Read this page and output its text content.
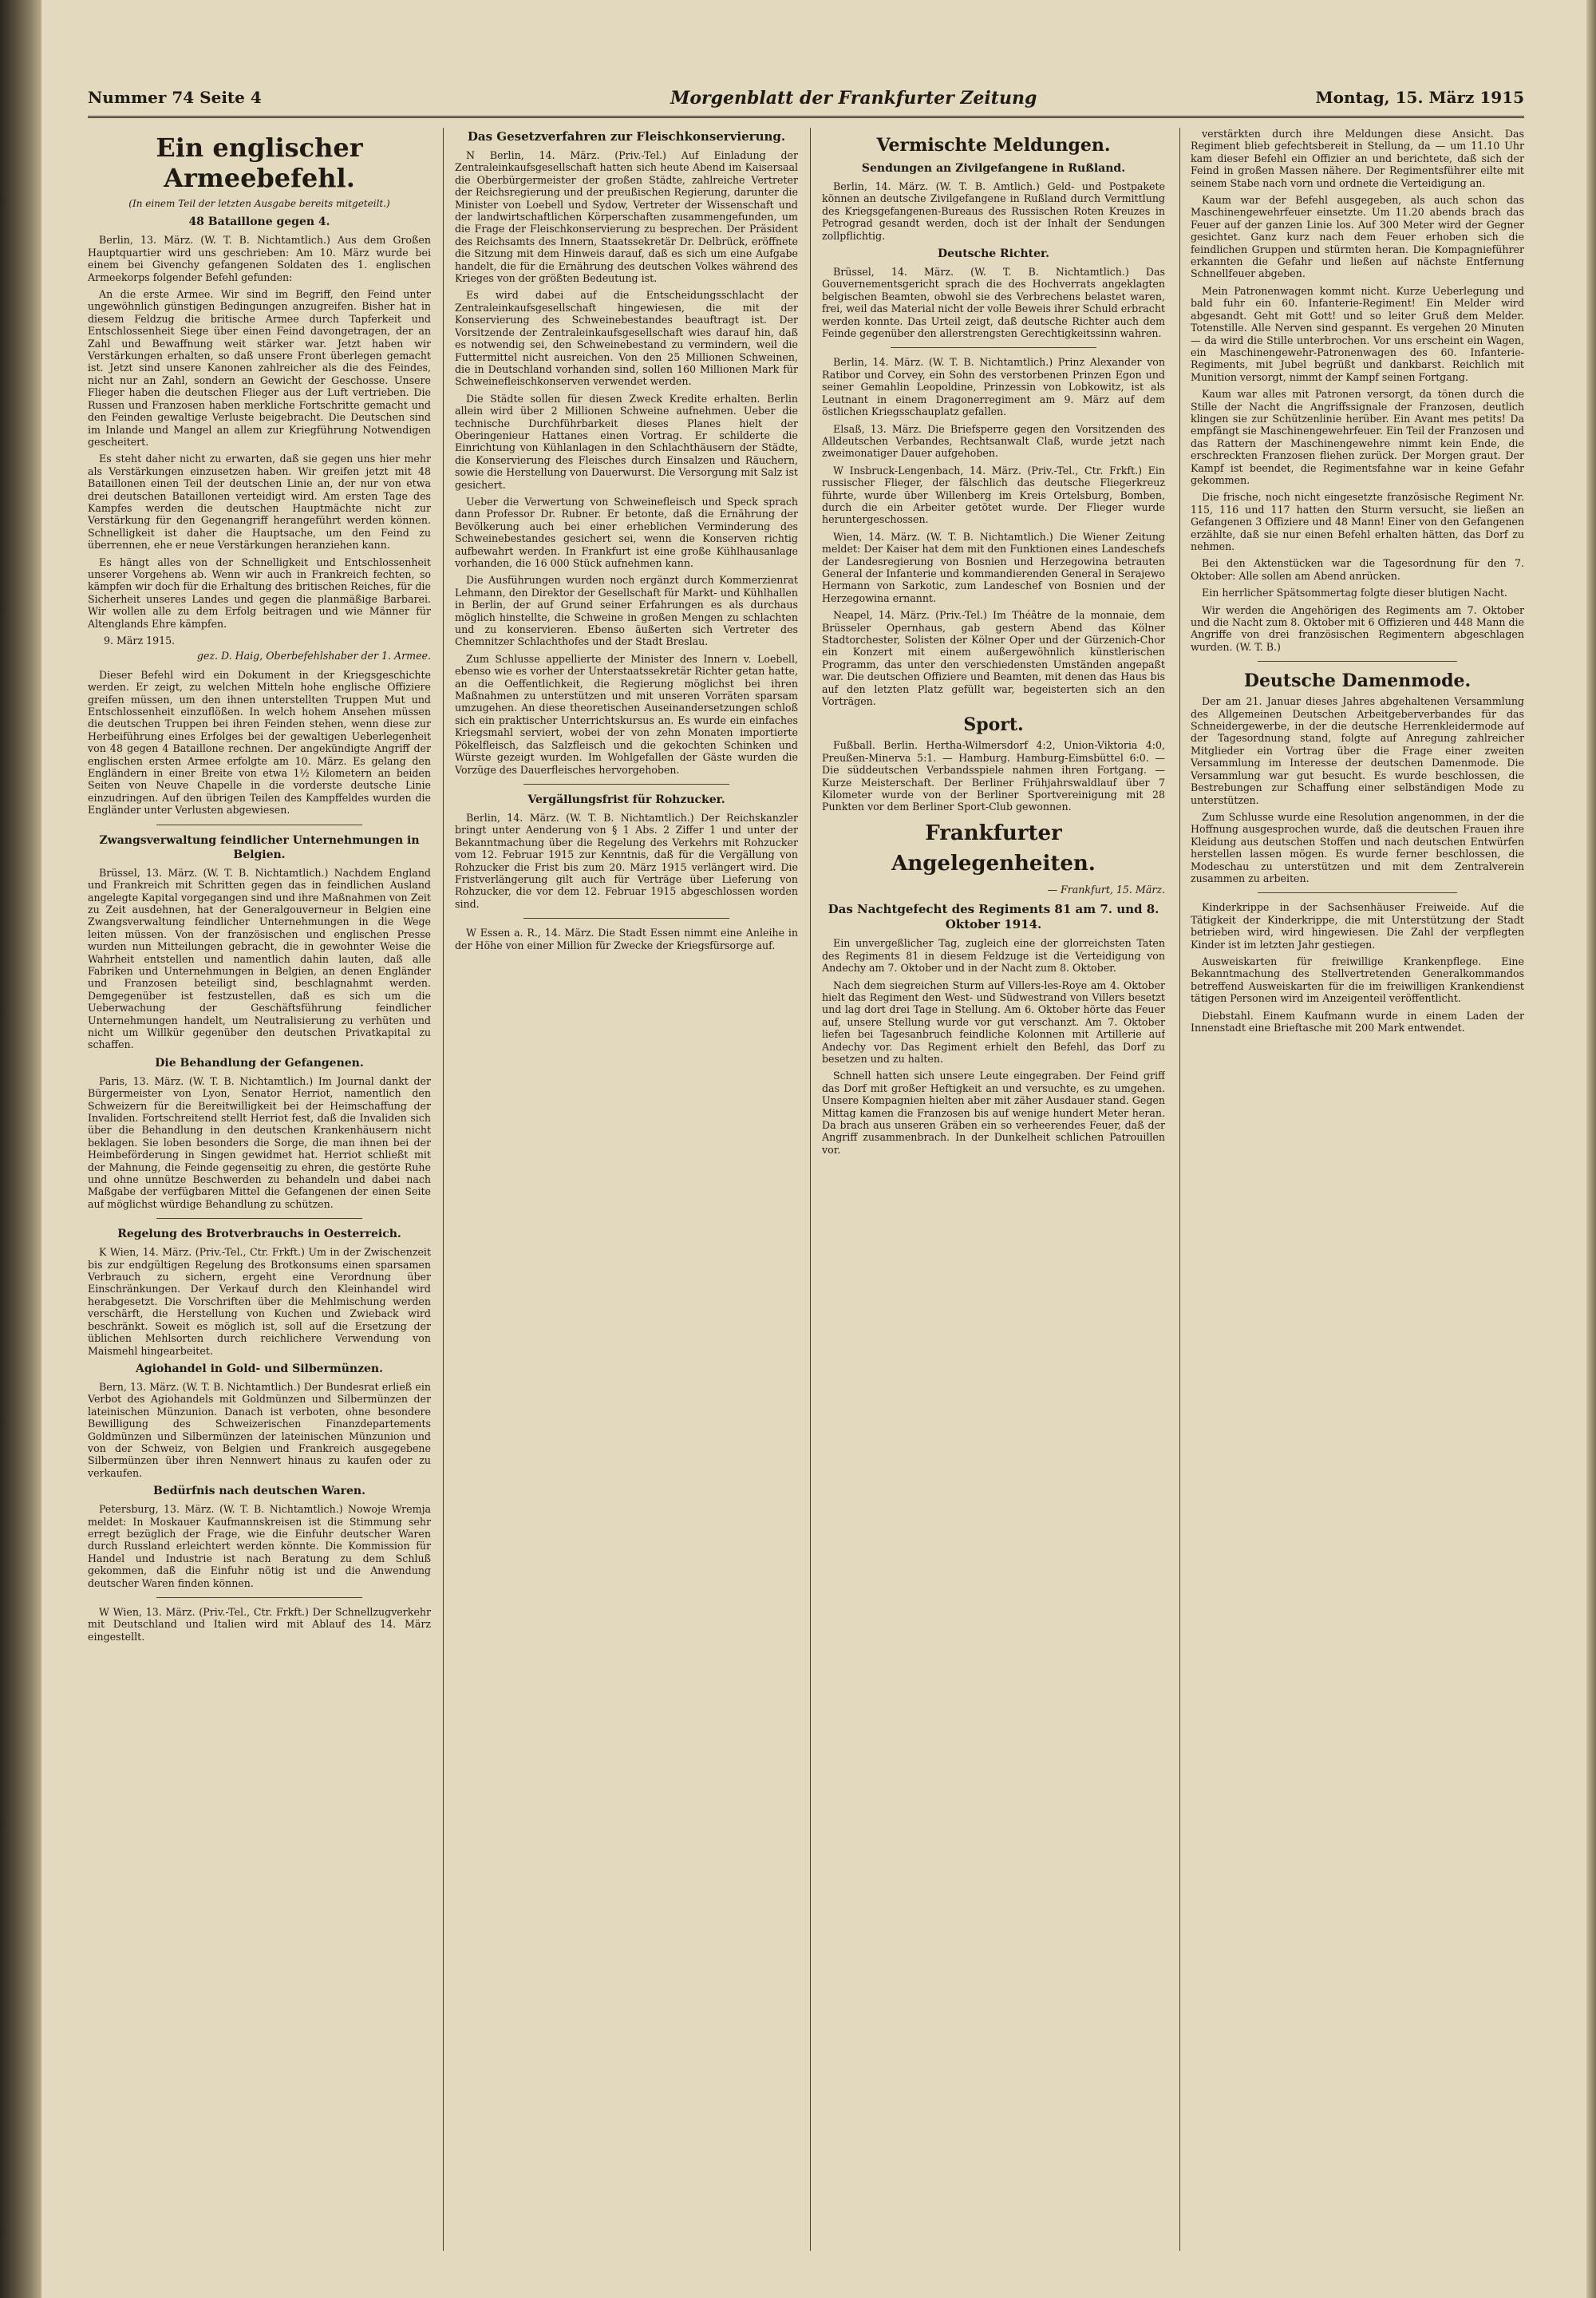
Nummer 74 Seite 4	Morgenblatt der Frankfurter Zeitung	Montag, 15. März 1915
Ein englischer Armeebefehl.
(In einem Teil der letzten Ausgabe bereits mitgeteilt.)
48 Bataillone gegen 4.

Berlin, 13. März. (W. T. B. Nichtamtlich.) Aus dem Großen Hauptquartier wird uns geschrieben: Am 10. März wurde bei einem bei Givenchy gefangenen Soldaten des 1. englischen Armeekorps folgender Befehl gefunden:

An die erste Armee. Wir sind im Begriff, den Feind unter ungewöhnlich günstigen Bedingungen anzugreifen. Bisher hat in diesem Feldzug die britische Armee durch Tapferkeit und Entschlossenheit Siege über einen Feind davongetragen, der an Zahl und Bewaffnung weit stärker war. Jetzt haben wir Verstärkungen erhalten, so daß unsere Front überlegen gemacht ist. Jetzt sind unsere Kanonen zahlreicher als die des Feindes, nicht nur an Zahl, sondern an Gewicht der Geschosse. Unsere Flieger haben die deutschen Flieger aus der Luft vertrieben. Die Russen und Franzosen haben merkliche Fortschritte gemacht und den Feinden gewaltige Verluste beigebracht. Die Deutschen sind im Inlande und Mangel an allem zur Kriegführung Notwendigen gescheitert.

Es steht daher nicht zu erwarten, daß sie gegen uns hier mehr als Verstärkungen einzusetzen haben. Wir greifen jetzt mit 48 Bataillonen einen Teil der deutschen Linie an, der nur von etwa drei deutschen Bataillonen verteidigt wird. Am ersten Tage des Kampfes werden die deutschen Hauptmächte nicht zur Verstärkung für den Gegenangriff herangeführt werden können. Schnelligkeit ist daher die Hauptsache, um den Feind zu überrennen, ehe er neue Verstärkungen heranziehen kann.

Es hängt alles von der Schnelligkeit und Entschlossenheit unserer Vorgehens ab. Wenn wir auch in Frankreich fechten, so kämpfen wir doch für die Erhaltung des britischen Reiches, für die Sicherheit unseres Landes und gegen die planmäßige Barbarei. Wir wollen alle zu dem Erfolg beitragen und wie Männer für Altenglands Ehre kämpfen.

9. März 1915.

gez. D. Haig, Oberbefehlshaber der 1. Armee.

Dieser Befehl wird ein Dokument in der Kriegsgeschichte werden. Er zeigt, zu welchen Mitteln hohe englische Offiziere greifen müssen, um den ihnen unterstellten Truppen Mut und Entschlossenheit einzuflößen. In welch hohem Ansehen müssen die deutschen Truppen bei ihren Feinden stehen, wenn diese zur Herbeiführung eines Erfolges bei der gewaltigen Ueberlegenheit von 48 gegen 4 Bataillone rechnen. Der angekündigte Angriff der englischen ersten Armee erfolgte am 10. März. Es gelang den Engländern in einer Breite von etwa 1½ Kilometern an beiden Seiten von Neuve Chapelle in die vorderste deutsche Linie einzudringen. Auf den übrigen Teilen des Kampffeldes wurden die Engländer unter Verlusten abgewiesen.

Zwangsverwaltung feindlicher Unternehmungen in Belgien.

Brüssel, 13. März. (W. T. B. Nichtamtlich.) Nachdem England und Frankreich mit Schritten gegen das in feindlichen Ausland angelegte Kapital vorgegangen sind und ihre Maßnahmen von Zeit zu Zeit ausdehnen, hat der Generalgouverneur in Belgien eine Zwangsverwaltung feindlicher Unternehmungen in die Wege leiten müssen. Von der französischen und englischen Presse wurden nun Mitteilungen gebracht, die in gewohnter Weise die Wahrheit entstellen und namentlich dahin lauten, daß alle Fabriken und Unternehmungen in Belgien, an denen Engländer und Franzosen beteiligt sind, beschlagnahmt werden. Demgegenüber ist festzustellen, daß es sich um die Ueberwachung der Geschäftsführung feindlicher Unternehmungen handelt, um Neutralisierung zu verhüten und nicht um Willkür gegenüber den deutschen Privatkapital zu schaffen.

Die Behandlung der Gefangenen.

Paris, 13. März. (W. T. B. Nichtamtlich.) Im Journal dankt der Bürgermeister von Lyon, Senator Herriot, namentlich den Schweizern für die Bereitwilligkeit bei der Heimschaffung der Invaliden. Fortschreitend stellt Herriot fest, daß die Invaliden sich über die Behandlung in den deutschen Krankenhäusern nicht beklagen. Sie loben besonders die Sorge, die man ihnen bei der Heimbeförderung in Singen gewidmet hat. Herriot schließt mit der Mahnung, die Feinde gegenseitig zu ehren, die gestörte Ruhe und ohne unnütze Beschwerden zu behandeln und dabei nach Maßgabe der verfügbaren Mittel die Gefangenen der einen Seite auf möglichst würdige Behandlung zu schützen.

Regelung des Brotverbrauchs in Oesterreich.

K Wien, 14. März. (Priv.-Tel., Ctr. Frkft.) Um in der Zwischenzeit bis zur endgültigen Regelung des Brotkonsums einen sparsamen Verbrauch zu sichern, ergeht eine Verordnung über Einschränkungen. Der Verkauf durch den Kleinhandel wird herabgesetzt. Die Vorschriften über die Mehlmischung werden verschärft, die Herstellung von Kuchen und Zwieback wird beschränkt. Soweit es möglich ist, soll auf die Ersetzung der üblichen Mehlsorten durch reichlichere Verwendung von Maismehl hingearbeitet.

Agiohandel in Gold- und Silbermünzen.

Bern, 13. März. (W. T. B. Nichtamtlich.) Der Bundesrat erließ ein Verbot des Agiohandels mit Goldmünzen und Silbermünzen der lateinischen Münzunion. Danach ist verboten, ohne besondere Bewilligung des Schweizerischen Finanzdepartements Goldmünzen und Silbermünzen der lateinischen Münzunion und von der Schweiz, von Belgien und Frankreich ausgegebene Silbermünzen über ihren Nennwert hinaus zu kaufen oder zu verkaufen.

Bedürfnis nach deutschen Waren.

Petersburg, 13. März. (W. T. B. Nichtamtlich.) Nowoje Wremja meldet: In Moskauer Kaufmannskreisen ist die Stimmung sehr erregt bezüglich der Frage, wie die Einfuhr deutscher Waren durch Russland erleichtert werden könnte. Die Kommission für Handel und Industrie ist nach Beratung zu dem Schluß gekommen, daß die Einfuhr nötig ist und die Anwendung deutscher Waren finden können.

W Wien, 13. März. (Priv.-Tel., Ctr. Frkft.) Der Schnellzugverkehr mit Deutschland und Italien wird mit Ablauf des 14. März eingestellt.

Das Gesetzverfahren zur Fleischkonservierung.

N Berlin, 14. März. (Priv.-Tel.) Auf Einladung der Zentraleinkaufsgesellschaft hatten sich heute Abend im Kaisersaal die Oberbürgermeister der großen Städte, zahlreiche Vertreter der Reichsregierung und der preußischen Regierung, darunter die Minister von Loebell und Sydow, Vertreter der Wissenschaft und der landwirtschaftlichen Körperschaften zusammengefunden, um die Frage der Fleischkonservierung zu besprechen. Der Präsident des Reichsamts des Innern, Staatssekretär Dr. Delbrück, eröffnete die Sitzung mit dem Hinweis darauf, daß es sich um eine Aufgabe handelt, die für die Ernährung des deutschen Volkes während des Krieges von der größten Bedeutung ist.

Es wird dabei auf die Entscheidungsschlacht der Zentraleinkaufsgesellschaft hingewiesen, die mit der Konservierung des Schweinebestandes beauftragt ist. Der Vorsitzende der Zentraleinkaufsgesellschaft wies darauf hin, daß es notwendig sei, den Schweinebestand zu vermindern, weil die Futtermittel nicht ausreichen. Von den 25 Millionen Schweinen, die in Deutschland vorhanden sind, sollen 160 Millionen Mark für Schweinefleischkonserven verwendet werden.

Die Städte sollen für diesen Zweck Kredite erhalten. Berlin allein wird über 2 Millionen Schweine aufnehmen. Ueber die technische Durchführbarkeit dieses Planes hielt der Oberingenieur Hattanes einen Vortrag. Er schilderte die Einrichtung von Kühlanlagen in den Schlachthäusern der Städte, die Konservierung des Fleisches durch Einsalzen und Räuchern, sowie die Herstellung von Dauerwurst. Die Versorgung mit Salz ist gesichert.

Ueber die Verwertung von Schweinefleisch und Speck sprach dann Professor Dr. Rubner. Er betonte, daß die Ernährung der Bevölkerung auch bei einer erheblichen Verminderung des Schweinebestandes gesichert sei, wenn die Konserven richtig aufbewahrt werden. In Frankfurt ist eine große Kühlhausanlage vorhanden, die 16 000 Stück aufnehmen kann.

Die Ausführungen wurden noch ergänzt durch Kommerzienrat Lehmann, den Direktor der Gesellschaft für Markt- und Kühlhallen in Berlin, der auf Grund seiner Erfahrungen es als durchaus möglich hinstellte, die Schweine in großen Mengen zu schlachten und zu konservieren. Ebenso äußerten sich Vertreter des Chemnitzer Schlachthofes und der Stadt Breslau.

Zum Schlusse appellierte der Minister des Innern v. Loebell, ebenso wie es vorher der Unterstaatssekretär Richter getan hatte, an die Oeffentlichkeit, die Regierung möglichst bei ihren Maßnahmen zu unterstützen und mit unseren Vorräten sparsam umzugehen. An diese theoretischen Auseinandersetzungen schloß sich ein praktischer Unterrichtskursus an. Es wurde ein einfaches Kriegsmahl serviert, wobei der von zehn Monaten importierte Pökelfleisch, das Salzfleisch und die gekochten Schinken und Würste gezeigt wurden. Im Wohlgefallen der Gäste wurden die Vorzüge des Dauerfleisches hervorgehoben.

Vergällungsfrist für Rohzucker.

Berlin, 14. März. (W. T. B. Nichtamtlich.) Der Reichskanzler bringt unter Aenderung von § 1 Abs. 2 Ziffer 1 und unter der Bekanntmachung über die Regelung des Verkehrs mit Rohzucker vom 12. Februar 1915 zur Kenntnis, daß für die Vergällung von Rohzucker die Frist bis zum 20. März 1915 verlängert wird. Die Fristverlängerung gilt auch für Verträge über Lieferung von Rohzucker, die vor dem 12. Februar 1915 abgeschlossen worden sind.

W Essen a. R., 14. März. Die Stadt Essen nimmt eine Anleihe in der Höhe von einer Million für Zwecke der Kriegsfürsorge auf.

Vermischte Meldungen.
Sendungen an Zivilgefangene in Rußland.

Berlin, 14. März. (W. T. B. Amtlich.) Geld- und Postpakete können an deutsche Zivilgefangene in Rußland durch Vermittlung des Kriegsgefangenen-Bureaus des Russischen Roten Kreuzes in Petrograd gesandt werden, doch ist der Inhalt der Sendungen zollpflichtig.

Deutsche Richter.

Brüssel, 14. März. (W. T. B. Nichtamtlich.) Das Gouvernementsgericht sprach die des Hochverrats angeklagten belgischen Beamten, obwohl sie des Verbrechens belastet waren, frei, weil das Material nicht der volle Beweis ihrer Schuld erbracht werden konnte. Das Urteil zeigt, daß deutsche Richter auch dem Feinde gegenüber den allerstrengsten Gerechtigkeitssinn wahren.

Berlin, 14. März. (W. T. B. Nichtamtlich.) Prinz Alexander von Ratibor und Corvey, ein Sohn des verstorbenen Prinzen Egon und seiner Gemahlin Leopoldine, Prinzessin von Lobkowitz, ist als Leutnant in einem Dragonerregiment am 9. März auf dem östlichen Kriegsschauplatz gefallen.

Elsaß, 13. März. Die Briefsperre gegen den Vorsitzenden des Alldeutschen Verbandes, Rechtsanwalt Claß, wurde jetzt nach zweimonatiger Dauer aufgehoben.

W Insbruck-Lengenbach, 14. März. (Priv.-Tel., Ctr. Frkft.) Ein russischer Flieger, der fälschlich das deutsche Fliegerkreuz führte, wurde über Willenberg im Kreis Ortelsburg, Bomben, durch die ein Arbeiter getötet wurde. Der Flieger wurde heruntergeschossen.

Wien, 14. März. (W. T. B. Nichtamtlich.) Die Wiener Zeitung meldet: Der Kaiser hat dem mit den Funktionen eines Landeschefs der Landesregierung von Bosnien und Herzegowina betrauten General der Infanterie und kommandierenden General in Serajewo Hermann von Sarkotic, zum Landeschef von Bosnien und der Herzegowina ernannt.

Neapel, 14. März. (Priv.-Tel.) Im Théâtre de la monnaie, dem Brüsseler Opernhaus, gab gestern Abend das Kölner Stadtorchester, Solisten der Kölner Oper und der Gürzenich-Chor ein Konzert mit einem außergewöhnlich künstlerischen Programm, das unter den verschiedensten Umständen angepaßt war. Die deutschen Offiziere und Beamten, mit denen das Haus bis auf den letzten Platz gefüllt war, begeisterten sich an den Vorträgen.

Sport.

Fußball. Berlin. Hertha-Wilmersdorf 4:2, Union-Viktoria 4:0, Preußen-Minerva 5:1. — Hamburg. Hamburg-Eimsbüttel 6:0. — Die süddeutschen Verbandsspiele nahmen ihren Fortgang. — Kurze Meisterschaft. Der Berliner Frühjahrswaldlauf über 7 Kilometer wurde von der Berliner Sportvereinigung mit 28 Punkten vor dem Berliner Sport-Club gewonnen.

Frankfurter Angelegenheiten.
— Frankfurt, 15. März.
Das Nachtgefecht des Regiments 81 am 7. und 8. Oktober 1914.

Ein unvergeßlicher Tag, zugleich eine der glorreichsten Taten des Regiments 81 in diesem Feldzuge ist die Verteidigung von Andechy am 7. Oktober und in der Nacht zum 8. Oktober.

Nach dem siegreichen Sturm auf Villers-les-Roye am 4. Oktober hielt das Regiment den West- und Südwestrand von Villers besetzt und lag dort drei Tage in Stellung. Am 6. Oktober hörte das Feuer auf, unsere Stellung wurde vor gut verschanzt. Am 7. Oktober liefen bei Tagesanbruch feindliche Kolonnen mit Artillerie auf Andechy vor. Das Regiment erhielt den Befehl, das Dorf zu besetzen und zu halten.

Schnell hatten sich unsere Leute eingegraben. Der Feind griff das Dorf mit großer Heftigkeit an und versuchte, es zu umgehen. Unsere Kompagnien hielten aber mit zäher Ausdauer stand. Gegen Mittag kamen die Franzosen bis auf wenige hundert Meter heran. Da brach aus unseren Gräben ein so verheerendes Feuer, daß der Angriff zusammenbrach. In der Dunkelheit schlichen Patrouillen vor.

verstärkten durch ihre Meldungen diese Ansicht. Das Regiment blieb gefechtsbereit in Stellung, da — um 11.10 Uhr kam dieser Befehl ein Offizier an und berichtete, daß sich der Feind in großen Massen nähere. Der Regimentsführer eilte mit seinem Stabe nach vorn und ordnete die Verteidigung an.

Kaum war der Befehl ausgegeben, als auch schon das Maschinengewehrfeuer einsetzte. Um 11.20 abends brach das Feuer auf der ganzen Linie los. Auf 300 Meter wird der Gegner gesichtet. Ganz kurz nach dem Feuer erhoben sich die feindlichen Gruppen und stürmten heran. Die Kompagnieführer erkannten die Gefahr und ließen auf nächste Entfernung Schnellfeuer abgeben.

Mein Patronenwagen kommt nicht. Kurze Ueberlegung und bald fuhr ein 60. Infanterie-Regiment! Ein Melder wird abgesandt. Geht mit Gott! und so leiter Gruß dem Melder. Totenstille. Alle Nerven sind gespannt. Es vergehen 20 Minuten — da wird die Stille unterbrochen. Vor uns erscheint ein Wagen, ein Maschinengewehr-Patronenwagen des 60. Infanterie-Regiments, mit Jubel begrüßt und dankbarst. Reichlich mit Munition versorgt, nimmt der Kampf seinen Fortgang.

Kaum war alles mit Patronen versorgt, da tönen durch die Stille der Nacht die Angriffssignale der Franzosen, deutlich klingen sie zur Schützenlinie herüber. Ein Avant mes petits! Da empfängt sie Maschinengewehrfeuer. Ein Teil der Franzosen und das Rattern der Maschinengewehre nimmt kein Ende, die erschreckten Franzosen fliehen zurück. Der Morgen graut. Der Kampf ist beendet, die Regimentsfahne war in keine Gefahr gekommen.

Die frische, noch nicht eingesetzte französische Regiment Nr. 115, 116 und 117 hatten den Sturm versucht, sie ließen an Gefangenen 3 Offiziere und 48 Mann! Einer von den Gefangenen erzählte, daß sie nur einen Befehl erhalten hätten, das Dorf zu nehmen.

Bei den Aktenstücken war die Tagesordnung für den 7. Oktober: Alle sollen am Abend anrücken.

Ein herrlicher Spätsommertag folgte dieser blutigen Nacht.

Wir werden die Angehörigen des Regiments am 7. Oktober und die Nacht zum 8. Oktober mit 6 Offizieren und 448 Mann die Angriffe von drei französischen Regimentern abgeschlagen wurden. (W. T. B.)

Deutsche Damenmode.

Der am 21. Januar dieses Jahres abgehaltenen Versammlung des Allgemeinen Deutschen Arbeitgeberverbandes für das Schneidergewerbe, in der die deutsche Herrenkleidermode auf der Tagesordnung stand, folgte auf Anregung zahlreicher Mitglieder ein Vortrag über die Frage einer zweiten Versammlung im Interesse der deutschen Damenmode. Die Versammlung war gut besucht. Es wurde beschlossen, die Bestrebungen zur Schaffung einer selbständigen Mode zu unterstützen.

Zum Schlusse wurde eine Resolution angenommen, in der die Hoffnung ausgesprochen wurde, daß die deutschen Frauen ihre Kleidung aus deutschen Stoffen und nach deutschen Entwürfen herstellen lassen mögen. Es wurde ferner beschlossen, die Modeschau zu unterstützen und mit dem Zentralverein zusammen zu arbeiten.

Kinderkrippe in der Sachsenhäuser Freiweide. Auf die Tätigkeit der Kinderkrippe, die mit Unterstützung der Stadt betrieben wird, wird hingewiesen. Die Zahl der verpflegten Kinder ist im letzten Jahr gestiegen.

Ausweiskarten für freiwillige Krankenpflege. Eine Bekanntmachung des Stellvertretenden Generalkommandos betreffend Ausweiskarten für die im freiwilligen Krankendienst tätigen Personen wird im Anzeigenteil veröffentlicht.

Diebstahl. Einem Kaufmann wurde in einem Laden der Innenstadt eine Brieftasche mit 200 Mark entwendet.
